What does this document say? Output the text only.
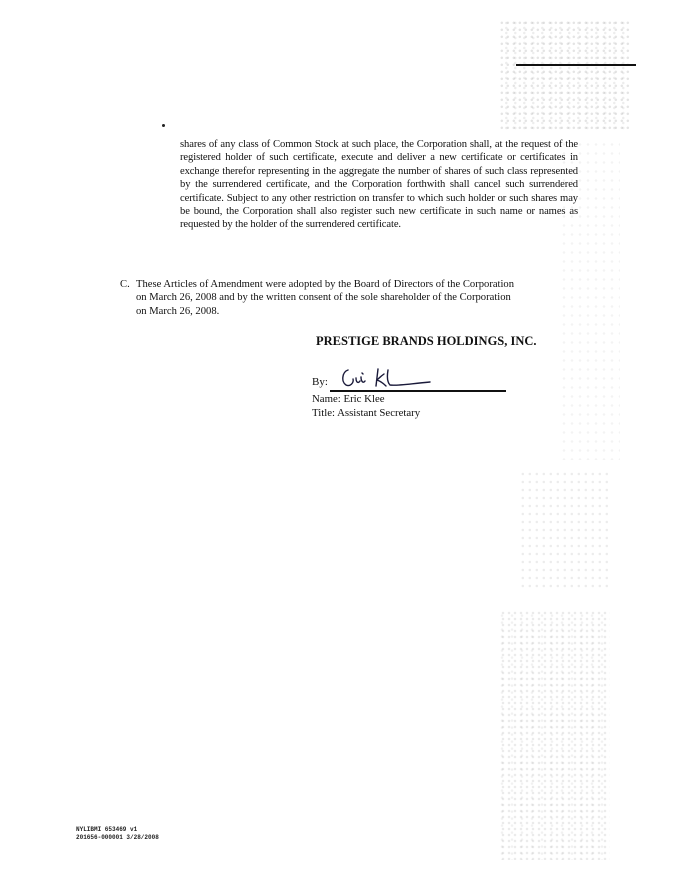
shares of any class of Common Stock at such place, the Corporation shall, at the request of the registered holder of such certificate, execute and deliver a new certificate or certificates in exchange therefor representing in the aggregate the number of shares of such class represented by the surrendered certificate, and the Corporation forthwith shall cancel such surrendered certificate. Subject to any other restriction on transfer to which such holder or such shares may be bound, the Corporation shall also register such new certificate in such name or names as requested by the holder of the surrendered certificate.
C. These Articles of Amendment were adopted by the Board of Directors of the Corporation
on March 26, 2008 and by the written consent of the sole shareholder of the Corporation
on March 26, 2008.
PRESTIGE BRANDS HOLDINGS, INC.
By:
Name: Eric Klee
Title: Assistant Secretary
NYLIBMI 653469 v1
201656-000001 3/28/2008
